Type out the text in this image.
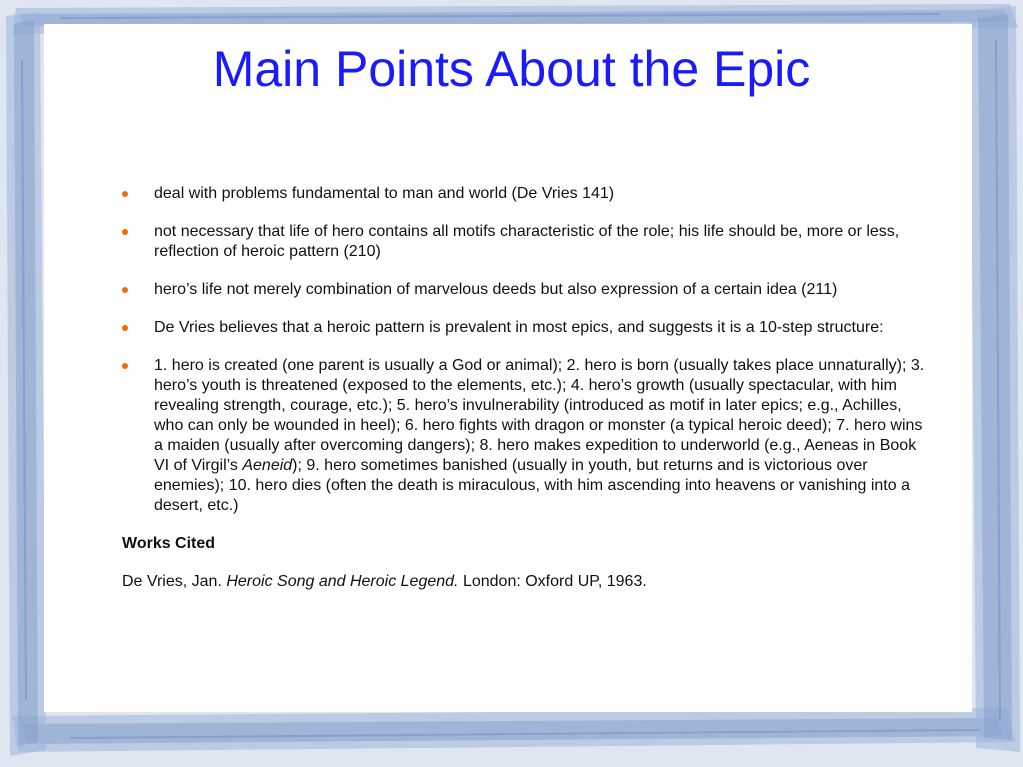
Main Points About the Epic
deal with problems fundamental to man and world (De Vries 141)
not necessary that life of hero contains all motifs characteristic of the role; his life should be, more or less, reflection of heroic pattern (210)
hero’s life not merely combination of marvelous deeds but also expression of a certain idea (211)
De Vries believes that a heroic pattern is prevalent in most epics, and suggests it is a 10-step structure:
1. hero is created (one parent is usually a God or animal); 2. hero is born (usually takes place unnaturally); 3. hero’s youth is threatened (exposed to the elements, etc.); 4. hero’s growth (usually spectacular, with him revealing strength, courage, etc.); 5. hero’s invulnerability (introduced as motif in later epics; e.g., Achilles, who can only be wounded in heel); 6. hero fights with dragon or monster (a typical heroic deed); 7. hero wins a maiden (usually after overcoming dangers); 8. hero makes expedition to underworld (e.g., Aeneas in Book VI of Virgil’s Aeneid); 9. hero sometimes banished (usually in youth, but returns and is victorious over enemies); 10. hero dies (often the death is miraculous, with him ascending into heavens or vanishing into a desert, etc.)
Works Cited

De Vries, Jan. Heroic Song and Heroic Legend. London: Oxford UP, 1963.
